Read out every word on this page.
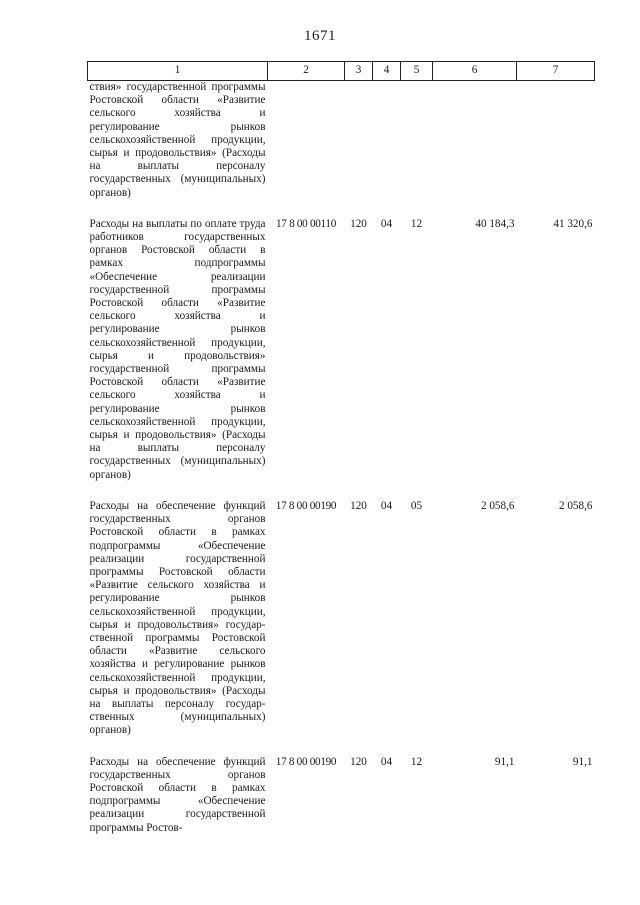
1671
1	2	3	4	5	6	7
ствия» государственной программы Ростовской области «Развитие сельского хозяйства и регулирование рынков сельскохозяйственной продукции, сырья и продовольствия» (Расходы на выплаты персоналу государственных (муниципальных) органов)						
Расходы на выплаты по оплате труда работников государственных органов Ростовской области в рамках подпрограммы «Обеспечение реализации государственной программы Ростовской области «Развитие сельского хозяйства и регулирование рынков сельскохозяйственной продукции, сырья и продовольствия» государственной программы Ростовской области «Развитие сельского хозяйства и регулирование рынков сельскохозяйственной продукции, сырья и продовольствия» (Расходы на выплаты персоналу государственных (муниципальных) органов)	17 8 00 00110	120	04	12	40 184,3	41 320,6
Расходы на обеспечение функций государственных органов Ростовской области в рамках подпрограммы «Обеспечение реализации государственной программы Ростовской области «Развитие сельского хозяйства и регулирование рынков сельскохозяйственной продукции, сырья и продовольствия» государственной программы Ростовской области «Развитие сельского хозяйства и регулирование рынков сельскохозяйственной продукции, сырья и продовольствия» (Расходы на выплаты персоналу государственных (муниципальных) органов)	17 8 00 00190	120	04	05	2 058,6	2 058,6
Расходы на обеспечение функций государственных органов Ростовской области в рамках подпрограммы «Обеспечение реализации государственной программы Ростов-	17 8 00 00190	120	04	12	91,1	91,1
